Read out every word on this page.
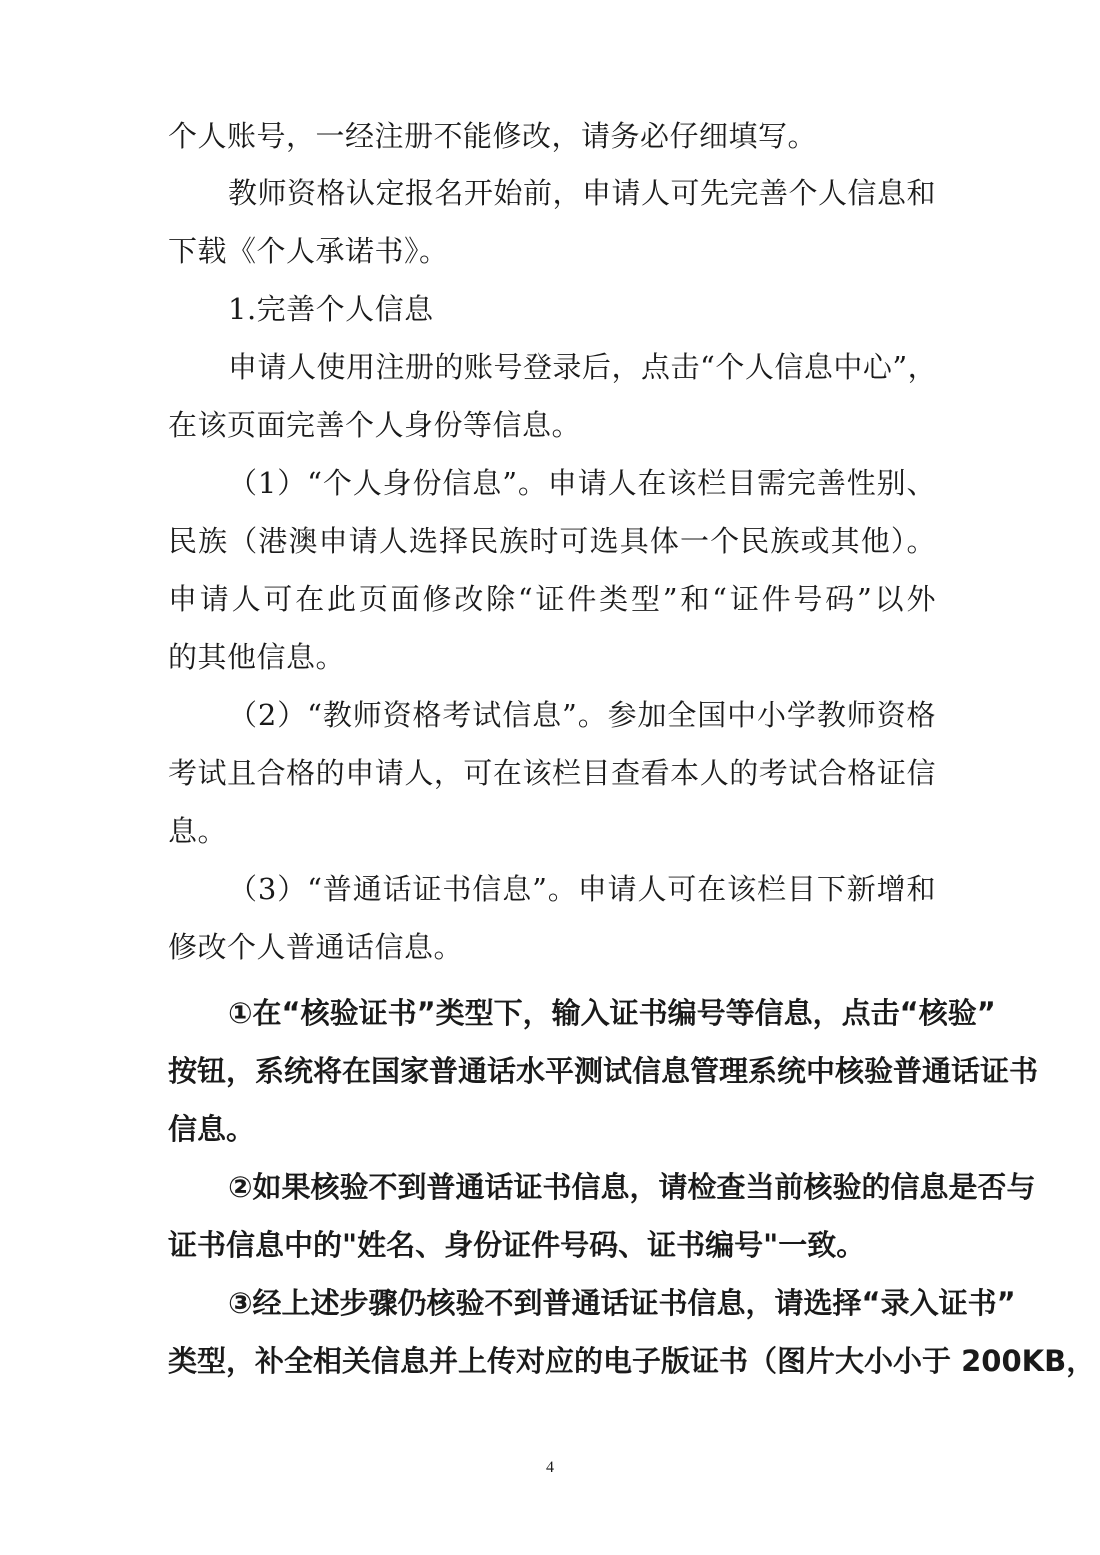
个人账号，一经注册不能修改，请务必仔细填写。
教师资格认定报名开始前，申请人可先完善个人信息和
下载《个人承诺书》。
1.完善个人信息
申请人使用注册的账号登录后，点击“个人信息中心”，
在该页面完善个人身份等信息。
（1）“个人身份信息”。申请人在该栏目需完善性别、
民族（港澳申请人选择民族时可选具体一个民族或其他）。
申请人可在此页面修改除“证件类型”和“证件号码”以外
的其他信息。
（2）“教师资格考试信息”。参加全国中小学教师资格
考试且合格的申请人，可在该栏目查看本人的考试合格证信
息。
（3）“普通话证书信息”。申请人可在该栏目下新增和
修改个人普通话信息。
①在“核验证书”类型下，输入证书编号等信息，点击“核验”
按钮，系统将在国家普通话水平测试信息管理系统中核验普通话证书
信息。
②如果核验不到普通话证书信息，请检查当前核验的信息是否与
证书信息中的"姓名、身份证件号码、证书编号"一致。
③经上述步骤仍核验不到普通话证书信息，请选择“录入证书”
类型，补全相关信息并上传对应的电子版证书（图片大小小于 200KB，
4
